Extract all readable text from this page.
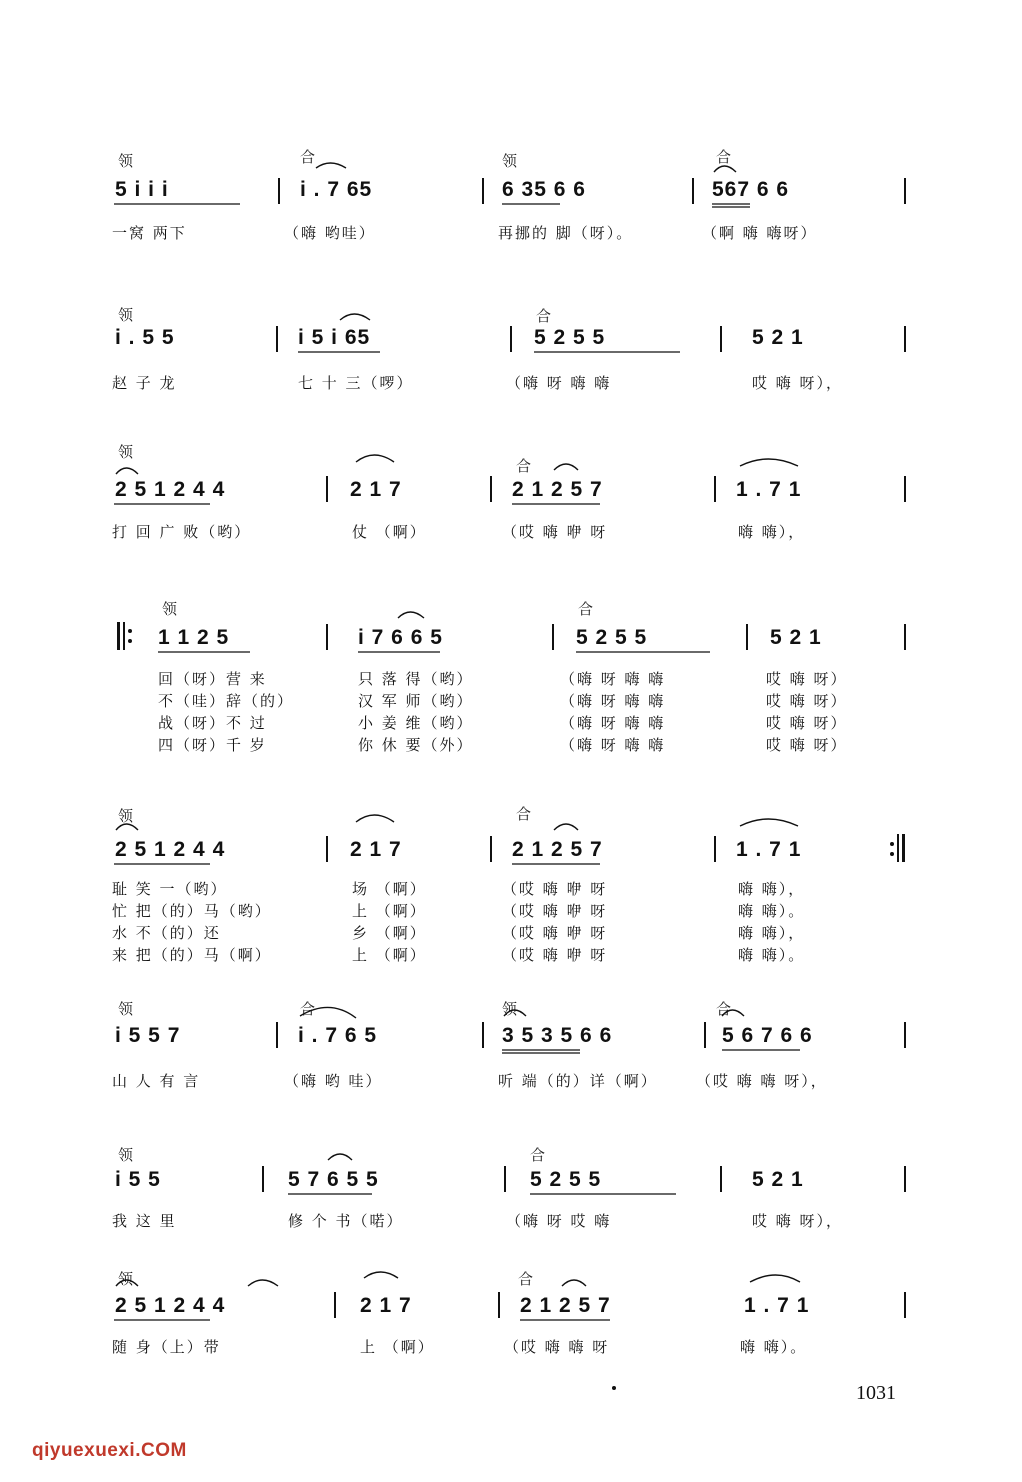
领	合	领	合
5 i i i	i . 7 65	6 35 6 6	567 6 6
一窝 两下	（嗨 哟哇）	再挪的 脚（呀）。	（啊 嗨 嗨呀）
领	合
i . 5 5	i 5 i 65	5 2 5 5	5 2 1
赵 子 龙	七 十 三（啰）	（嗨 呀 嗨 嗨	哎 嗨 呀），
领
合
2 5 1 2 4 4	2 1 7	2 1 2 5 7	1 . 7 1
打 回 广 败（哟）	仗 （啊）	（哎 嗨 咿 呀	嗨 嗨），
领	合
1 1 2 5	i 7 6 6 5	5 2 5 5	5 2 1
回（呀）营 来	只 落 得（哟）	（嗨 呀 嗨 嗨	哎 嗨 呀）
不（哇）辞（的）	汉 军 师（哟）	（嗨 呀 嗨 嗨	哎 嗨 呀）
战（呀）不 过	小 姜 维（哟）	（嗨 呀 嗨 嗨	哎 嗨 呀）
四（呀）千 岁	你 休 要（外）	（嗨 呀 嗨 嗨	哎 嗨 呀）
领	合
2 5 1 2 4 4	2 1 7	2 1 2 5 7	1 . 7 1
耻 笑 一（哟）	场 （啊）	（哎 嗨 咿 呀	嗨 嗨），
忙 把（的）马（哟）	上 （啊）	（哎 嗨 咿 呀	嗨 嗨）。
水 不（的）还	乡 （啊）	（哎 嗨 咿 呀	嗨 嗨），
来 把（的）马（啊）	上 （啊）	（哎 嗨 咿 呀	嗨 嗨）。
领	合	领	合
i 5 5 7	i . 7 6 5	3 5 3 5 6 6	5 6 7 6 6
山 人 有 言	（嗨 哟 哇）	听 端（的）详（啊）	（哎 嗨 嗨 呀），
领	合
i 5 5	5 7 6 5 5	5 2 5 5	5 2 1
我 这 里	修 个 书（喏）	（嗨 呀 哎 嗨	哎 嗨 呀），
领	合
2 5 1 2 4 4	2 1 7	2 1 2 5 7	1 . 7 1
随 身（上）带	上 （啊）	（哎 嗨 嗨 呀	嗨 嗨）。
1031
qiyuexuexi.COM
